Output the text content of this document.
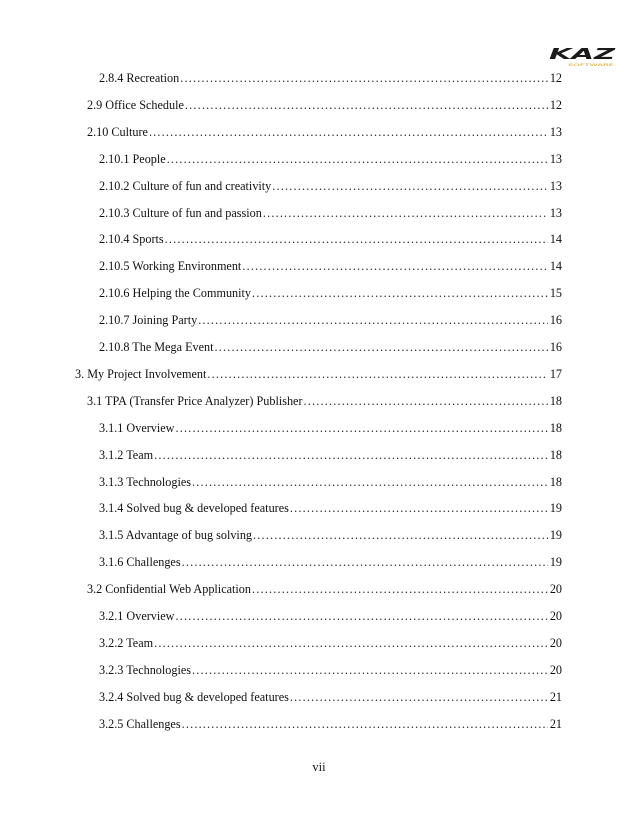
KAZ
SOFTWARE
2.8.4 Recreation .....	12
2.9 Office Schedule .....	12
2.10 Culture .....	13
2.10.1 People .....	13
2.10.2 Culture of fun and creativity .....	13
2.10.3 Culture of fun and passion .....	13
2.10.4 Sports .....	14
2.10.5 Working Environment .....	14
2.10.6 Helping the Community .....	15
2.10.7 Joining Party .....	16
2.10.8 The Mega Event .....	16
3. My Project Involvement .....	17
3.1 TPA (Transfer Price Analyzer) Publisher .....	18
3.1.1 Overview .....	18
3.1.2 Team .....	18
3.1.3 Technologies .....	18
3.1.4 Solved bug & developed features .....	19
3.1.5 Advantage of bug solving .....	19
3.1.6 Challenges .....	19
3.2 Confidential Web Application .....	20
3.2.1 Overview .....	20
3.2.2 Team .....	20
3.2.3 Technologies .....	20
3.2.4 Solved bug & developed features .....	21
3.2.5 Challenges .....	21
vii
